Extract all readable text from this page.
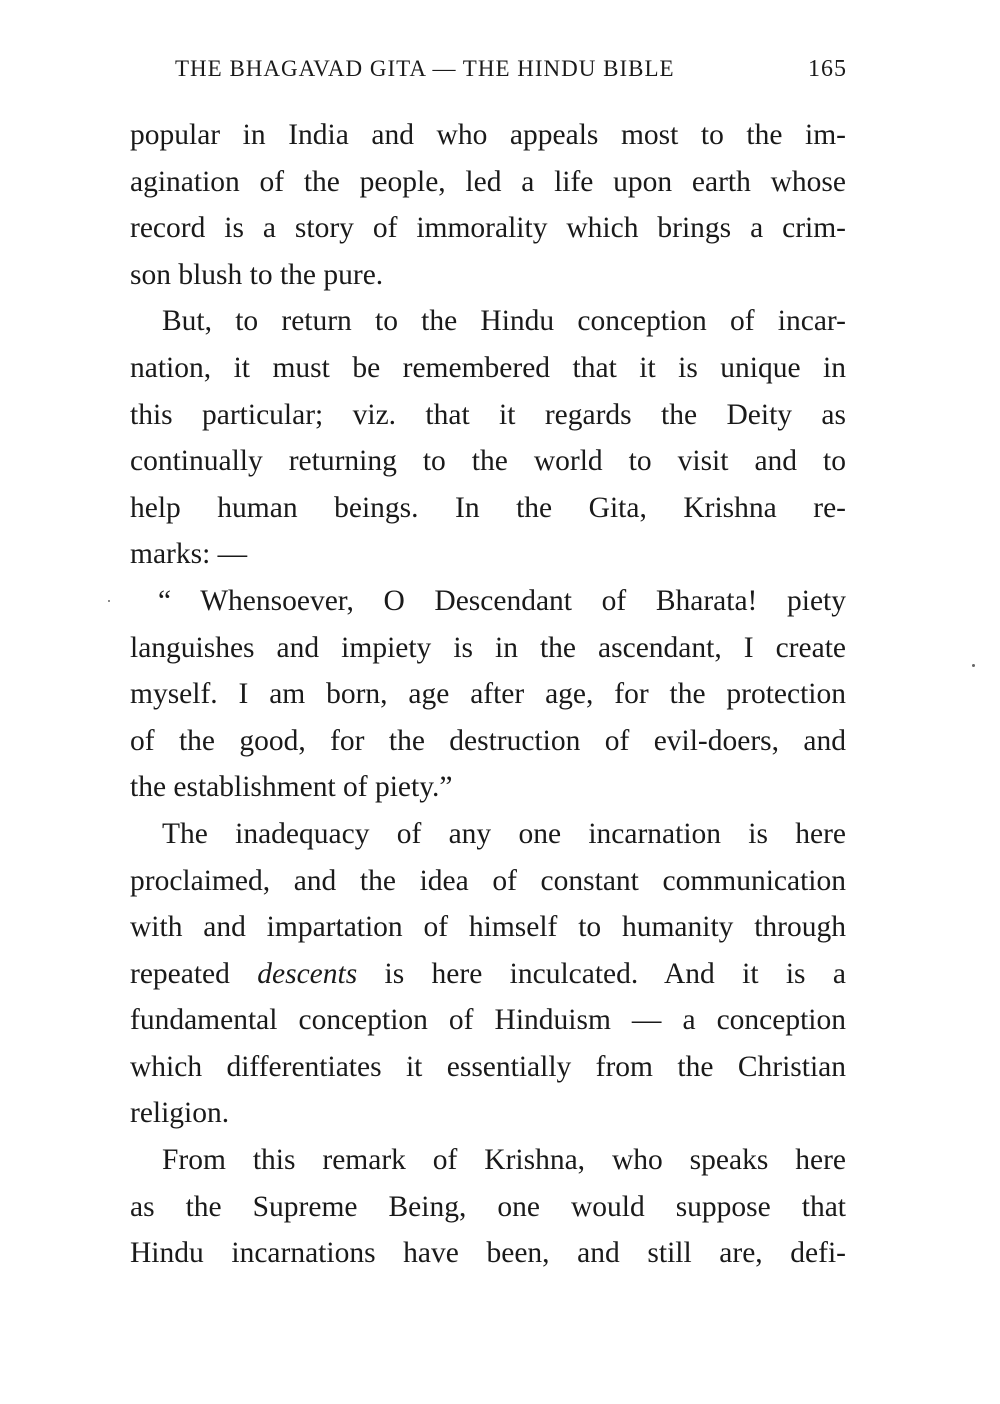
THE BHAGAVAD GITA — THE HINDU BIBLE	165
popular in India and who appeals most to the im-
agination of the people, led a life upon earth whose
record is a story of immorality which brings a crim-
son blush to the pure.
But, to return to the Hindu conception of incar-
nation, it must be remembered that it is unique in
this particular; viz. that it regards the Deity as
continually returning to the world to visit and to
help human beings. In the Gita, Krishna re-
marks: —
“ Whensoever, O Descendant of Bharata! piety
languishes and impiety is in the ascendant, I create
myself. I am born, age after age, for the protection
of the good, for the destruction of evil-doers, and
the establishment of piety.”
The inadequacy of any one incarnation is here
proclaimed, and the idea of constant communication
with and impartation of himself to humanity through
repeated descents is here inculcated. And it is a
fundamental conception of Hinduism — a conception
which differentiates it essentially from the Christian
religion.
From this remark of Krishna, who speaks here
as the Supreme Being, one would suppose that
Hindu incarnations have been, and still are, defi-
